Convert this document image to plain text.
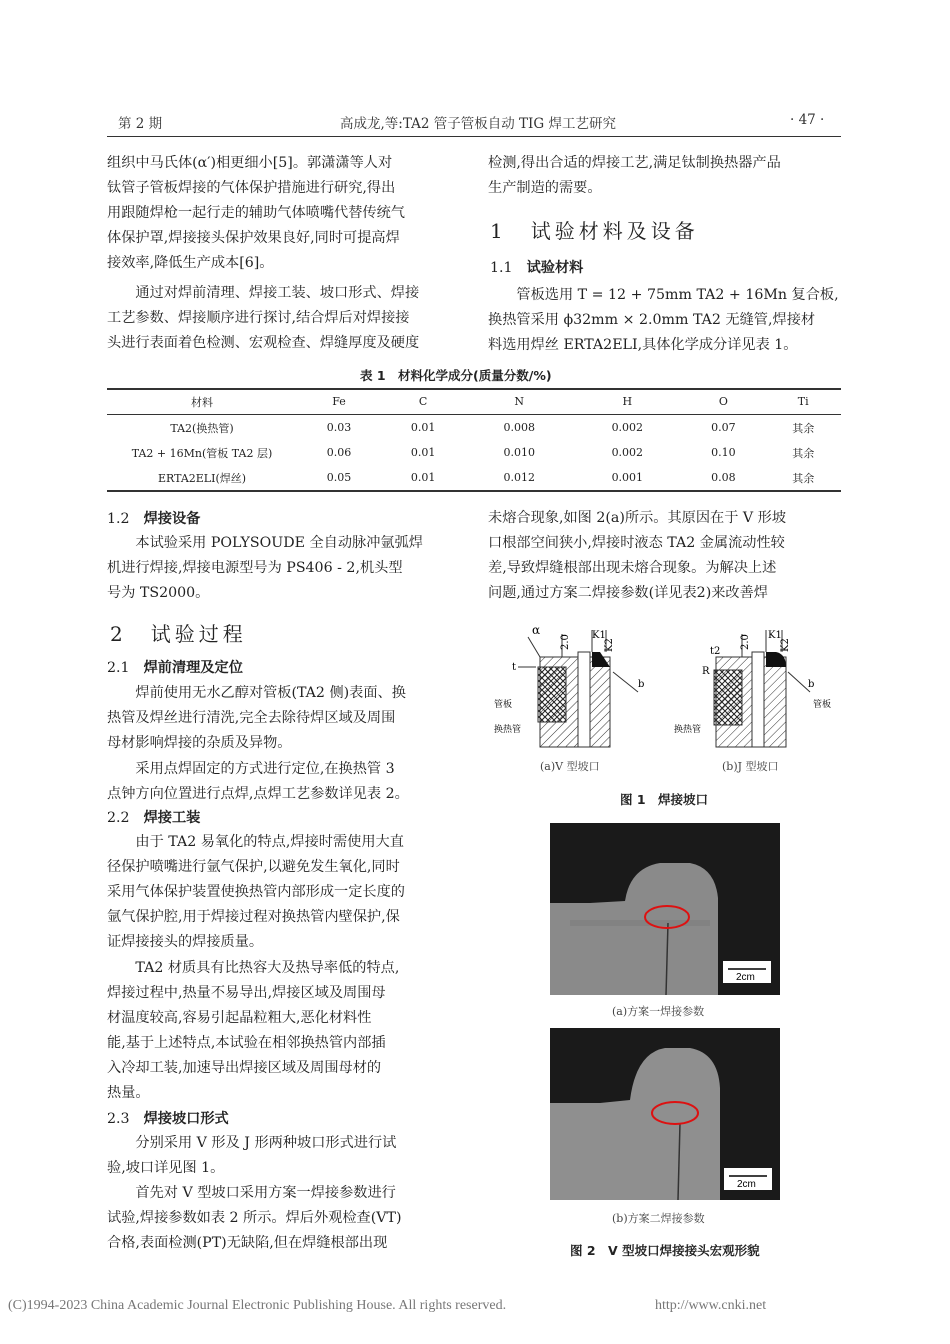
第 2 期	高成龙,等:TA2 管子管板自动 TIG 焊工艺研究	· 47 ·
组织中马氏体(α′)相更细小[5]。郭潇潇等人对
钛管子管板焊接的气体保护措施进行研究,得出
用跟随焊枪一起行走的辅助气体喷嘴代替传统气
体保护罩,焊接接头保护效果良好,同时可提高焊
接效率,降低生产成本[6]。
通过对焊前清理、焊接工装、坡口形式、焊接
工艺参数、焊接顺序进行探讨,结合焊后对焊接接
头进行表面着色检测、宏观检查、焊缝厚度及硬度
检测,得出合适的焊接工艺,满足钛制换热器产品
生产制造的需要。
1　试验材料及设备
1.1 试验材料
管板选用 T = 12 + 75mm TA2 + 16Mn 复合板,
换热管采用 ϕ32mm × 2.0mm TA2 无缝管,焊接材
料选用焊丝 ERTA2ELI,具体化学成分详见表 1。
表 1　材料化学成分(质量分数/%)
材料	Fe	C	N	H	O	Ti
TA2(换热管)	0.03	0.01	0.008	0.002	0.07	其余
TA2 + 16Mn(管板 TA2 层)	0.06	0.01	0.010	0.002	0.10	其余
ERTA2ELI(焊丝)	0.05	0.01	0.012	0.001	0.08	其余
1.2 焊接设备
本试验采用 POLYSOUDE 全自动脉冲氩弧焊
机进行焊接,焊接电源型号为 PS406 - 2,机头型
号为 TS2000。
2　试验过程
2.1 焊前清理及定位
焊前使用无水乙醇对管板(TA2 侧)表面、换
热管及焊丝进行清洗,完全去除待焊区域及周围
母材影响焊接的杂质及异物。
采用点焊固定的方式进行定位,在换热管 3
点钟方向位置进行点焊,点焊工艺参数详见表 2。
2.2 焊接工装
由于 TA2 易氧化的特点,焊接时需使用大直
径保护喷嘴进行氩气保护,以避免发生氧化,同时
采用气体保护装置使换热管内部形成一定长度的
氩气保护腔,用于焊接过程对换热管内壁保护,保
证焊接接头的焊接质量。
TA2 材质具有比热容大及热导率低的特点,
焊接过程中,热量不易导出,焊接区域及周围母
材温度较高,容易引起晶粒粗大,恶化材料性
能,基于上述特点,本试验在相邻换热管内部插
入冷却工装,加速导出焊接区域及周围母材的
热量。
2.3 焊接坡口形式
分别采用 V 形及 J 形两种坡口形式进行试
验,坡口详见图 1。
首先对 V 型坡口采用方案一焊接参数进行
试验,焊接参数如表 2 所示。焊后外观检查(VT)
合格,表面检测(PT)无缺陷,但在焊缝根部出现
未熔合现象,如图 2(a)所示。其原因在于 V 形坡
口根部空间狭小,焊接时液态 TA2 金属流动性较
差,导致焊缝根部出现未熔合现象。为解决上述
问题,通过方案二焊接参数(详见表2)来改善焊
α
2.0 K1
K2
t
b
管板
换热管
R
t2
2.0 K1
K2
b
管板
换热管
(a)V 型坡口	(b)J 型坡口
图 1　焊接坡口
2cm
(a)方案一焊接参数
2cm
(b)方案二焊接参数
图 2　V 型坡口焊接接头宏观形貌
(C)1994-2023 China Academic Journal Electronic Publishing House. All rights reserved.	http://www.cnki.net
